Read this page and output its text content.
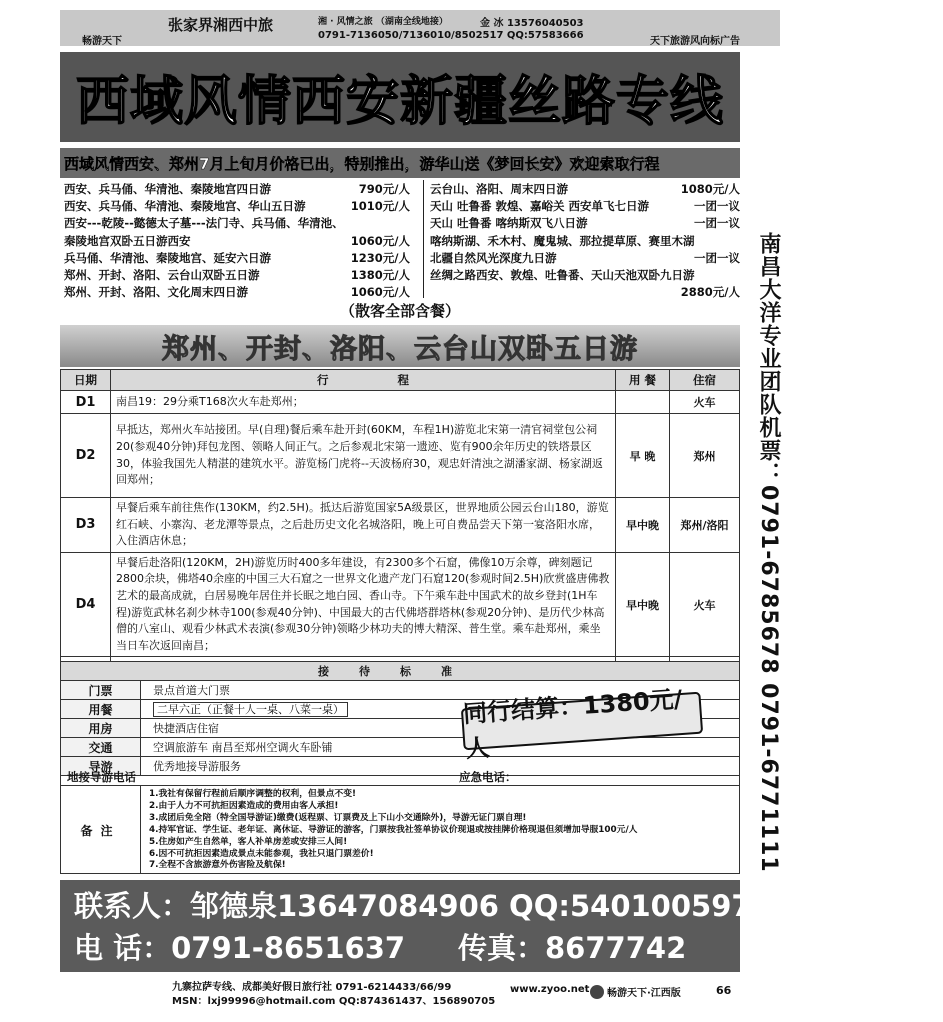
畅游天下
张家界湘西中旅	湘 · 风情之旅 （湖南全线地接）	金 冰 13576040503
0791-7136050/7136010/8502517 QQ:57583666
天下旅游风向标广告
西域风情西安新疆丝路专线
西域风情西安、郑州7月上旬月价格已出，特别推出，游华山送《梦回长安》欢迎索取行程
西安、兵马俑、华清池、秦陵地宫四日游	790元/人
西安、兵马俑、华清池、秦陵地宫、华山五日游	1010元/人
西安---乾陵--懿德太子墓---法门寺、兵马俑、华清池、
秦陵地宫双卧五日游西安	1060元/人
兵马俑、华清池、秦陵地宫、延安六日游	1230元/人
郑州、开封、洛阳、云台山双卧五日游	1380元/人
郑州、开封、洛阳、文化周末四日游	1060元/人
云台山、洛阳、周末四日游	1080元/人
天山 吐鲁番 敦煌、嘉峪关 西安单飞七日游	一团一议
天山 吐鲁番 喀纳斯双飞八日游	一团一议
喀纳斯湖、禾木村、魔鬼城、那拉提草原、赛里木湖
北疆自然风光深度九日游	一团一议
丝绸之路西安、敦煌、吐鲁番、天山天池双卧九日游
2880元/人
（散客全部含餐）
郑州、开封、洛阳、云台山双卧五日游
日期	行　　　　　　程	用 餐	住宿
D1	南昌19：29分乘T168次火车赴郑州；		火车
D2	早抵达，郑州火车站接团。早(自理)餐后乘车赴开封(60KM，车程1H)游览北宋第一清官祠堂包公祠20(参观40分钟)拜包龙图、领略人间正气。之后参观北宋第一遗迹、览有900余年历史的铁塔景区30，体验我国先人精湛的建筑水平。游览杨门虎将--天波杨府30，观忠奸清浊之湖潘家湖、杨家湖返回郑州；	早 晚	郑州
D3	早餐后乘车前往焦作(130KM，约2.5H)。抵达后游览国家5A级景区，世界地质公园云台山180，游览红石峡、小寨沟、老龙潭等景点，之后赴历史文化名城洛阳，晚上可自费品尝天下第一宴洛阳水席，入住酒店休息；	早中晚	郑州/洛阳
D4	早餐后赴洛阳(120KM，2H)游览历时400多年建设，有2300多个石窟，佛像10万余尊，碑刻题记2800余块，佛塔40余座的中国三大石窟之一世界文化遗产龙门石窟120(参观时间2.5H)欣赏盛唐佛教艺术的最高成就，白居易晚年居住并长眠之地白园、香山寺。下午乘车赴中国武术的故乡登封(1H车程)游览武林名刹少林寺100(参观40分钟)、中国最大的古代佛塔群塔林(参观20分钟)、是历代少林高僧的八室山、观看少林武术表演(参观30分钟)领略少林功夫的博大精深、普生堂。乘车赴郑州，乘坐当日车次返回南昌；	早中晚	火车

接待标准	
门票	景点首道大门票
用餐	二早六正（正餐十人一桌、八菜一桌）
用房	快捷酒店住宿
交通	空调旅游车 南昌至郑州空调火车卧铺
导游	优秀地接导游服务
同行结算：1380元/人
地接导游电话	应急电话：
备注
1.我社有保留行程前后顺序调整的权利，但景点不变!
2.由于人力不可抗拒因素造成的费用由客人承担!
3.成团后免全陪（特全国导游证)缴费(返程票、订票费及上下山小交通除外)，导游无证门票自理!
4.持军官证、学生证、老年证、离休证、导游证的游客，门票按我社签单协议价现退或按挂牌价格现退但须增加导服100元/人
5.住房如产生自然单，客人补单房差或安排三人间!
6.因不可抗拒因素造成景点未能参观，我社只退门票差价!
7.全程不含旅游意外伤害险及航保!
联系人：邹德泉13647084906 QQ:540100597 767381720
电 话：0791-8651637 传真：8677742
九寨拉萨专线、成都美好假日旅行社 0791-6214433/66/99
MSN：lxj99996@hotmail.com QQ:874361437、156890705
www.zyoo.net 畅游天下·江西版	66
南昌大洋专业团队机票：0791-6785678 0791-6771111
